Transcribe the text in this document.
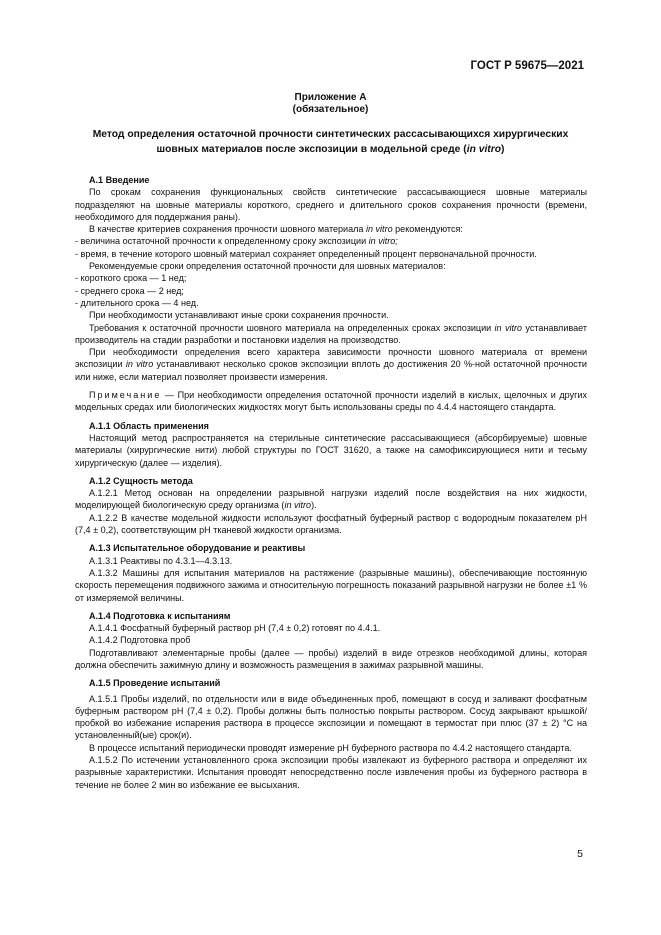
ГОСТ Р 59675—2021
Приложение А
(обязательное)
Метод определения остаточной прочности синтетических рассасывающихся хирургических
шовных материалов после экспозиции в модельной среде (in vitro)

А.1 Введение

По срокам сохранения функциональных свойств синтетические рассасывающиеся шовные материалы подразделяют на шовные материалы короткого, среднего и длительного сроков сохранения прочности (времени, необходимого для поддержания раны).

В качестве критериев сохранения прочности шовного материала in vitro рекомендуются:

- величина остаточной прочности к определенному сроку экспозиции in vitro;

- время, в течение которого шовный материал сохраняет определенный процент первоначальной прочности.

Рекомендуемые сроки определения остаточной прочности для шовных материалов:

- короткого срока — 1 нед;

- среднего срока — 2 нед;

- длительного срока — 4 нед.

При необходимости устанавливают иные сроки сохранения прочности.

Требования к остаточной прочности шовного материала на определенных сроках экспозиции in vitro устанавливает производитель на стадии разработки и постановки изделия на производство.

При необходимости определения всего характера зависимости прочности шовного материала от времени экспозиции in vitro устанавливают несколько сроков экспозиции вплоть до достижения 20 %-ной остаточной прочности или ниже, если материал позволяет произвести измерения.

Примечание — При необходимости определения остаточной прочности изделий в кислых, щелочных и других модельных средах или биологических жидкостях могут быть использованы среды по 4.4.4 настоящего стандарта.

А.1.1 Область применения

Настоящий метод распространяется на стерильные синтетические рассасывающиеся (абсорбируемые) шовные материалы (хирургические нити) любой структуры по ГОСТ 31620, а также на самофиксирующиеся нити и тесьму хирургическую (далее — изделия).

А.1.2 Сущность метода

А.1.2.1 Метод основан на определении разрывной нагрузки изделий после воздействия на них жидкости, моделирующей биологическую среду организма (in vitro).

А.1.2.2 В качестве модельной жидкости используют фосфатный буферный раствор с водородным показателем рН (7,4 ± 0,2), соответствующим рН тканевой жидкости организма.

А.1.3 Испытательное оборудование и реактивы

А.1.3.1 Реактивы по 4.3.1—4.3.13.

А.1.3.2 Машины для испытания материалов на растяжение (разрывные машины), обеспечивающие постоянную скорость перемещения подвижного зажима и относительную погрешность показаний разрывной нагрузки не более ±1 % от измеряемой величины.

А.1.4 Подготовка к испытаниям

А.1.4.1 Фосфатный буферный раствор рН (7,4 ± 0,2) готовят по 4.4.1.

А.1.4.2 Подготовка проб

Подготавливают элементарные пробы (далее — пробы) изделий в виде отрезков необходимой длины, которая должна обеспечить зажимную длину и возможность размещения в зажимах разрывной машины.

А.1.5 Проведение испытаний

А.1.5.1 Пробы изделий, по отдельности или в виде объединенных проб, помещают в сосуд и заливают фосфатным буферным раствором рН (7,4 ± 0,2). Пробы должны быть полностью покрыты раствором. Сосуд закрывают крышкой/пробкой во избежание испарения раствора в процессе экспозиции и помещают в термостат при плюс (37 ± 2) °С на установленный(ые) срок(и).

В процессе испытаний периодически проводят измерение рН буферного раствора по 4.4.2 настоящего стандарта.

А.1.5.2 По истечении установленного срока экспозиции пробы извлекают из буферного раствора и определяют их разрывные характеристики. Испытания проводят непосредственно после извлечения пробы из буферного раствора в течение не более 2 мин во избежание ее высыхания.

5
